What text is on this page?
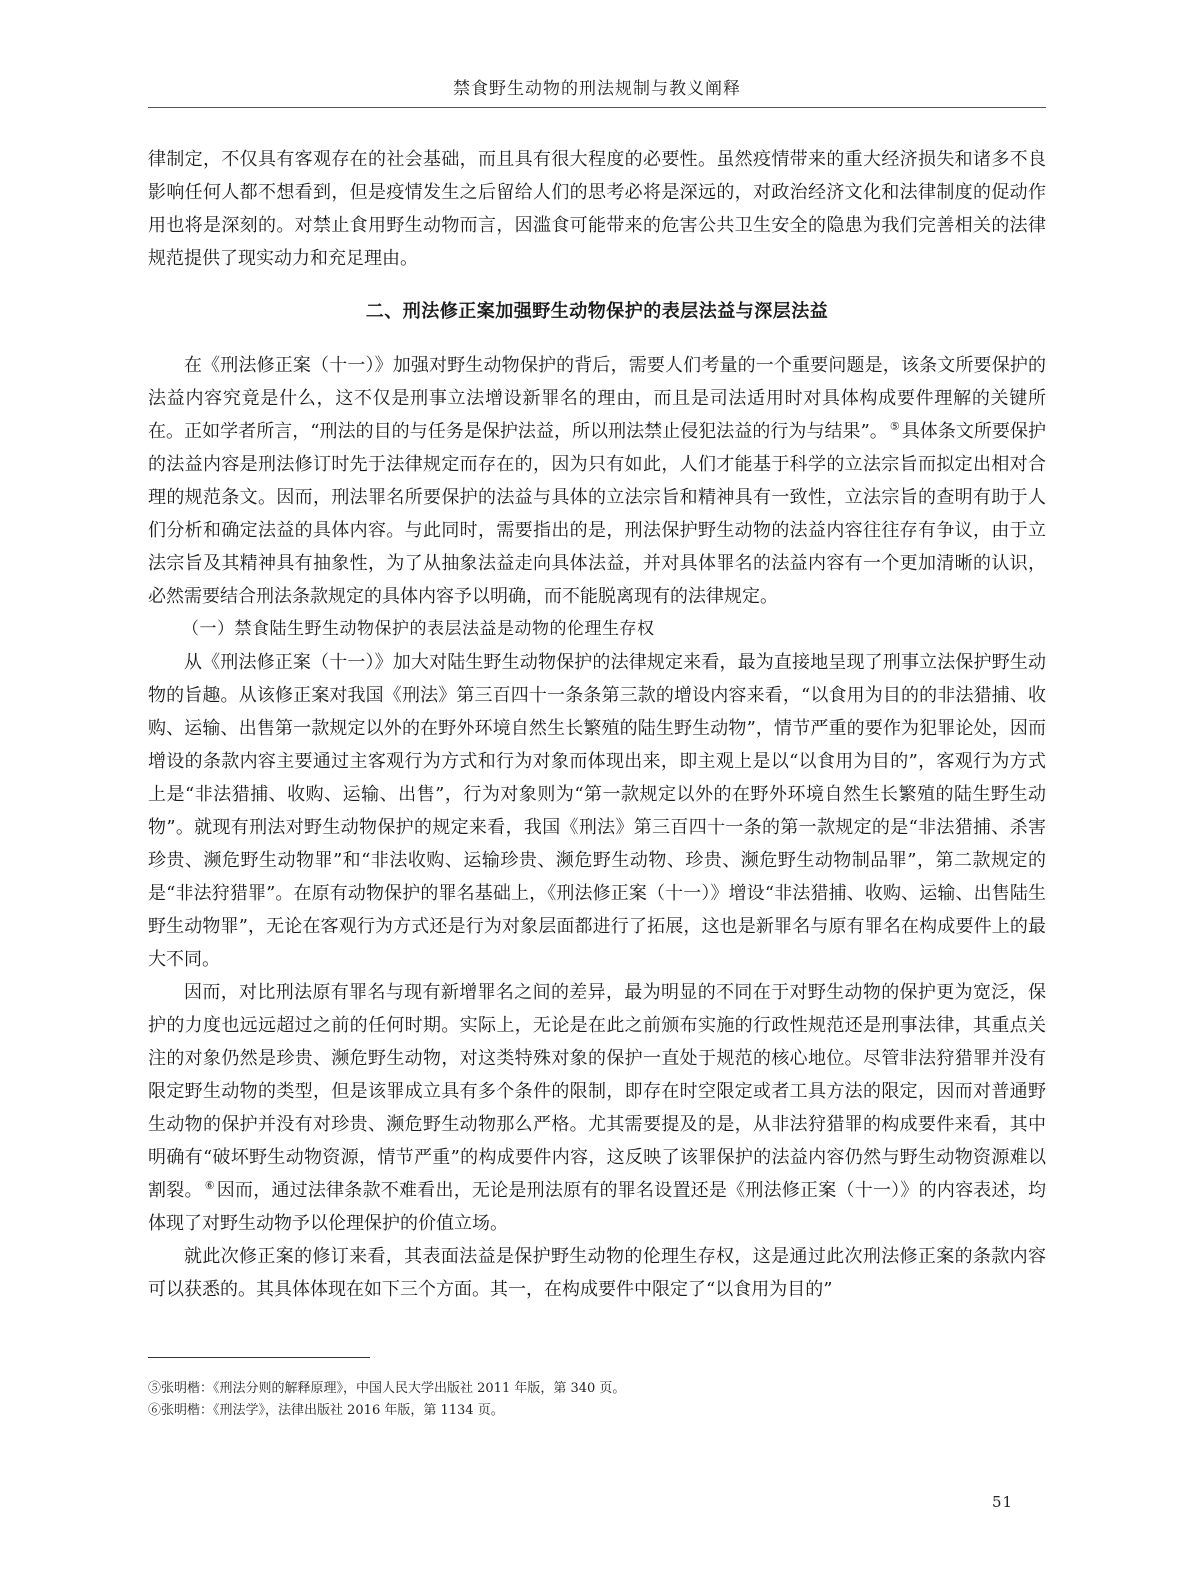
禁食野生动物的刑法规制与教义阐释

律制定，不仅具有客观存在的社会基础，而且具有很大程度的必要性。虽然疫情带来的重大经济损失和诸多不良影响任何人都不想看到，但是疫情发生之后留给人们的思考必将是深远的，对政治经济文化和法律制度的促动作用也将是深刻的。对禁止食用野生动物而言，因滥食可能带来的危害公共卫生安全的隐患为我们完善相关的法律规范提供了现实动力和充足理由。

二、刑法修正案加强野生动物保护的表层法益与深层法益

在《刑法修正案（十一）》加强对野生动物保护的背后，需要人们考量的一个重要问题是，该条文所要保护的法益内容究竟是什么，这不仅是刑事立法增设新罪名的理由，而且是司法适用时对具体构成要件理解的关键所在。正如学者所言，“刑法的目的与任务是保护法益，所以刑法禁止侵犯法益的行为与结果”。 ⑤ 具体条文所要保护的法益内容是刑法修订时先于法律规定而存在的，因为只有如此，人们才能基于科学的立法宗旨而拟定出相对合理的规范条文。因而，刑法罪名所要保护的法益与具体的立法宗旨和精神具有一致性，立法宗旨的查明有助于人们分析和确定法益的具体内容。与此同时，需要指出的是，刑法保护野生动物的法益内容往往存有争议，由于立法宗旨及其精神具有抽象性，为了从抽象法益走向具体法益，并对具体罪名的法益内容有一个更加清晰的认识，必然需要结合刑法条款规定的具体内容予以明确，而不能脱离现有的法律规定。

（一）禁食陆生野生动物保护的表层法益是动物的伦理生存权

从《刑法修正案（十一）》加大对陆生野生动物保护的法律规定来看，最为直接地呈现了刑事立法保护野生动物的旨趣。从该修正案对我国《刑法》第三百四十一条条第三款的增设内容来看，“以食用为目的的非法猎捕、收购、运输、出售第一款规定以外的在野外环境自然生长繁殖的陆生野生动物”，情节严重的要作为犯罪论处，因而增设的条款内容主要通过主客观行为方式和行为对象而体现出来，即主观上是以“以食用为目的”，客观行为方式上是“非法猎捕、收购、运输、出售”，行为对象则为“第一款规定以外的在野外环境自然生长繁殖的陆生野生动物”。就现有刑法对野生动物保护的规定来看，我国《刑法》第三百四十一条的第一款规定的是“非法猎捕、杀害珍贵、濒危野生动物罪”和“非法收购、运输珍贵、濒危野生动物、珍贵、濒危野生动物制品罪”，第二款规定的是“非法狩猎罪”。在原有动物保护的罪名基础上，《刑法修正案（十一）》增设“非法猎捕、收购、运输、出售陆生野生动物罪”，无论在客观行为方式还是行为对象层面都进行了拓展，这也是新罪名与原有罪名在构成要件上的最大不同。

因而，对比刑法原有罪名与现有新增罪名之间的差异，最为明显的不同在于对野生动物的保护更为宽泛，保护的力度也远远超过之前的任何时期。实际上，无论是在此之前颁布实施的行政性规范还是刑事法律，其重点关注的对象仍然是珍贵、濒危野生动物，对这类特殊对象的保护一直处于规范的核心地位。尽管非法狩猎罪并没有限定野生动物的类型，但是该罪成立具有多个条件的限制，即存在时空限定或者工具方法的限定，因而对普通野生动物的保护并没有对珍贵、濒危野生动物那么严格。尤其需要提及的是，从非法狩猎罪的构成要件来看，其中明确有“破坏野生动物资源，情节严重”的构成要件内容，这反映了该罪保护的法益内容仍然与野生动物资源难以割裂。 ⑥ 因而，通过法律条款不难看出，无论是刑法原有的罪名设置还是《刑法修正案（十一）》的内容表述，均体现了对野生动物予以伦理保护的价值立场。

就此次修正案的修订来看，其表面法益是保护野生动物的伦理生存权，这是通过此次刑法修正案的条款内容可以获悉的。其具体体现在如下三个方面。其一，在构成要件中限定了“以食用为目的”

⑤张明楷：《刑法分则的解释原理》，中国人民大学出版社 2011 年版，第 340 页。

⑥张明楷：《刑法学》，法律出版社 2016 年版，第 1134 页。

51
